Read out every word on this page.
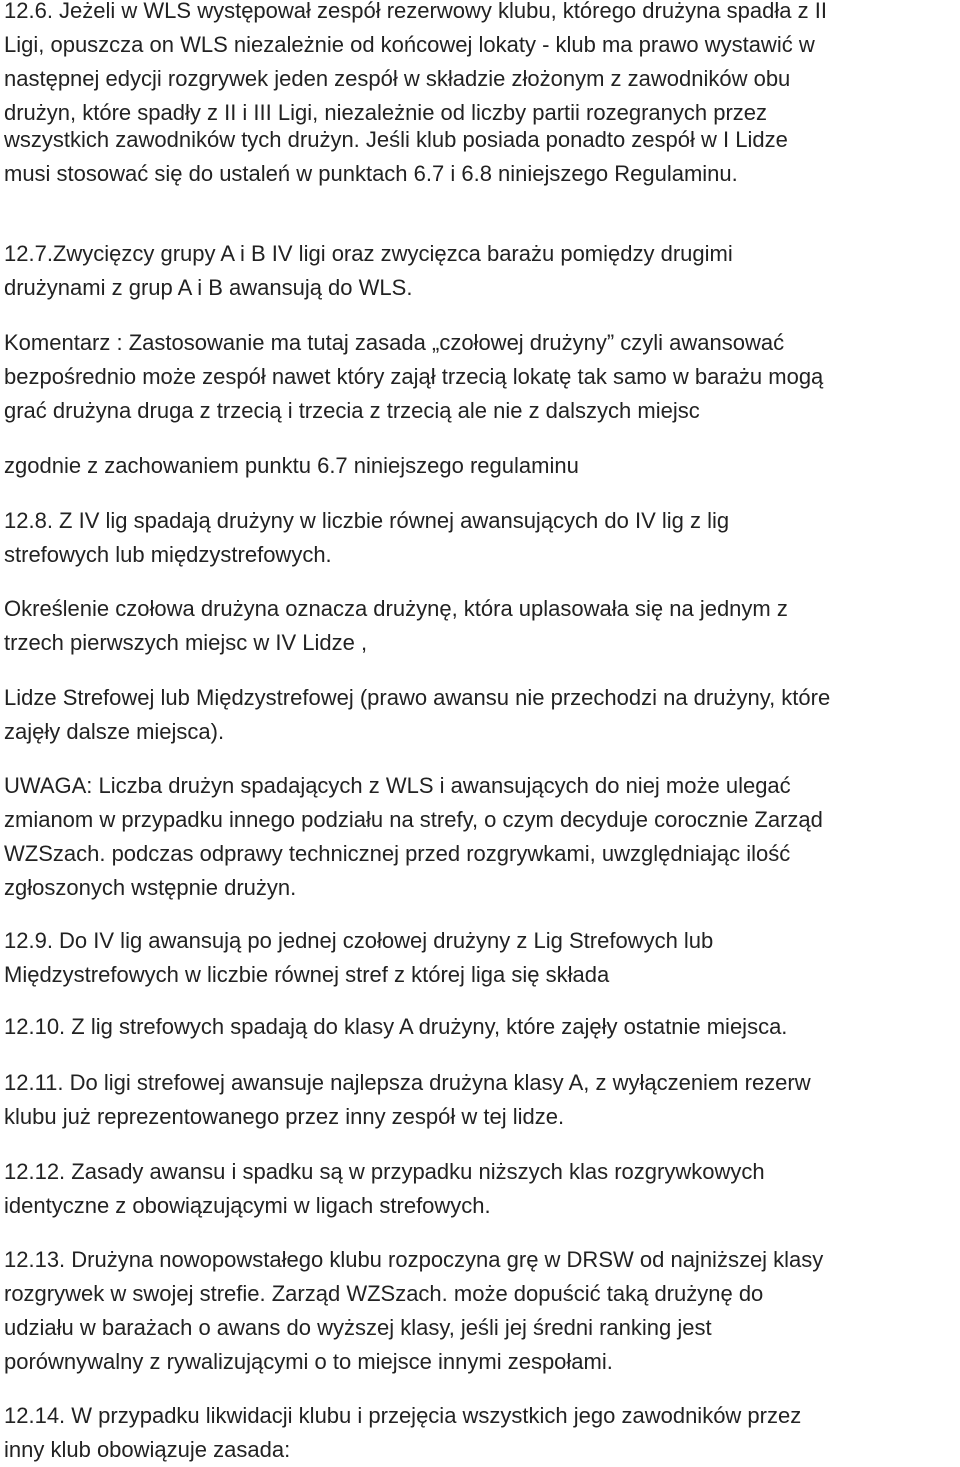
12.6. Jeżeli w WLS występował zespół rezerwowy klubu, którego drużyna spadła z II
Ligi, opuszcza on WLS niezależnie od końcowej lokaty - klub ma prawo wystawić w
następnej edycji rozgrywek jeden zespół w składzie złożonym z zawodników obu
drużyn, które spadły z II i III Ligi, niezależnie od liczby partii rozegranych przez

wszystkich zawodników tych drużyn. Jeśli klub posiada ponadto zespół w I Lidze
musi stosować się do ustaleń w punktach 6.7 i 6.8 niniejszego Regulaminu.

12.7.Zwycięzcy grupy A i B IV ligi oraz zwycięzca barażu pomiędzy drugimi
drużynami z grup A i B awansują do WLS.

Komentarz : Zastosowanie ma tutaj zasada „czołowej drużyny” czyli awansować
bezpośrednio może zespół nawet który zajął trzecią lokatę tak samo w barażu mogą
grać drużyna druga z trzecią i trzecia z trzecią ale nie z dalszych miejsc

zgodnie z zachowaniem punktu 6.7 niniejszego regulaminu

12.8. Z IV lig spadają drużyny w liczbie równej awansujących do IV lig z lig
strefowych lub międzystrefowych.

Określenie czołowa drużyna oznacza drużynę, która uplasowała się na jednym z
trzech pierwszych miejsc w IV Lidze ,

Lidze Strefowej lub Międzystrefowej (prawo awansu nie przechodzi na drużyny, które
zajęły dalsze miejsca).

UWAGA: Liczba drużyn spadających z WLS i awansujących do niej może ulegać
zmianom w przypadku innego podziału na strefy, o czym decyduje corocznie Zarząd
WZSzach. podczas odprawy technicznej przed rozgrywkami, uwzględniając ilość
zgłoszonych wstępnie drużyn.

12.9. Do IV lig awansują po jednej czołowej drużyny z Lig Strefowych lub
Międzystrefowych w liczbie równej stref z której liga się składa

12.10. Z lig strefowych spadają do klasy A drużyny, które zajęły ostatnie miejsca.

12.11. Do ligi strefowej awansuje najlepsza drużyna klasy A, z wyłączeniem rezerw
klubu już reprezentowanego przez inny zespół w tej lidze.

12.12. Zasady awansu i spadku są w przypadku niższych klas rozgrywkowych
identyczne z obowiązującymi w ligach strefowych.

12.13. Drużyna nowopowstałego klubu rozpoczyna grę w DRSW od najniższej klasy
rozgrywek w swojej strefie. Zarząd WZSzach. może dopuścić taką drużynę do
udziału w barażach o awans do wyższej klasy, jeśli jej średni ranking jest
porównywalny z rywalizującymi o to miejsce innymi zespołami.

12.14. W przypadku likwidacji klubu i przejęcia wszystkich jego zawodników przez
inny klub obowiązuje zasada:
